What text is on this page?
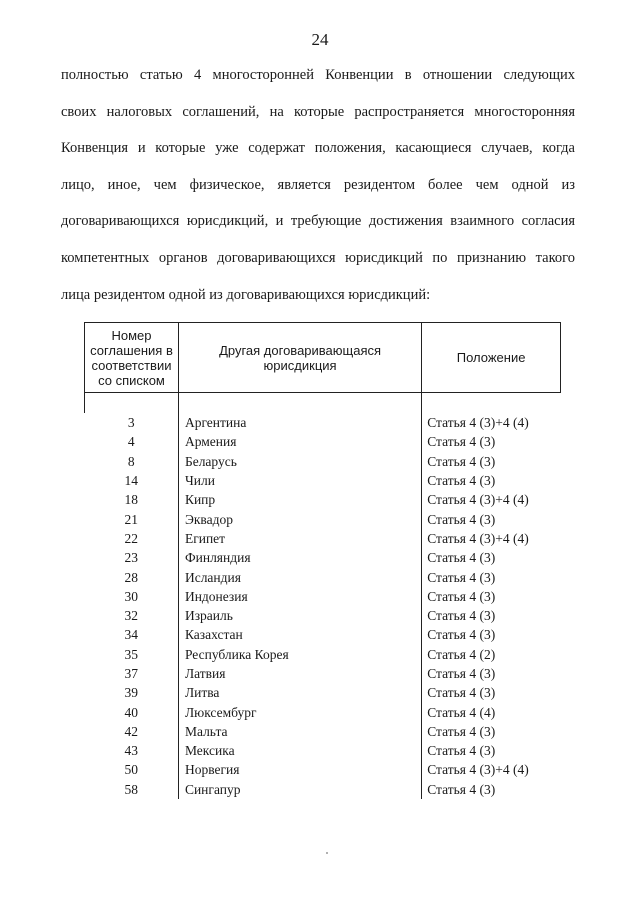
24
полностью статью 4 многосторонней Конвенции в отношении следующих
своих налоговых соглашений, на которые распространяется многосторонняя
Конвенция и которые уже содержат положения, касающиеся случаев, когда
лицо, иное, чем физическое, является резидентом более чем одной из
договаривающихся юрисдикций, и требующие достижения взаимного согласия
компетентных органов договаривающихся юрисдикций по признанию такого
лица резидентом одной из договаривающихся юрисдикций:
Номер соглашения в соответствии со списком	Другая договаривающаяся юрисдикция	Положение

3	Аргентина	Статья 4 (3)+4 (4)
4	Армения	Статья 4 (3)
8	Беларусь	Статья 4 (3)
14	Чили	Статья 4 (3)
18	Кипр	Статья 4 (3)+4 (4)
21	Эквадор	Статья 4 (3)
22	Египет	Статья 4 (3)+4 (4)
23	Финляндия	Статья 4 (3)
28	Исландия	Статья 4 (3)
30	Индонезия	Статья 4 (3)
32	Израиль	Статья 4 (3)
34	Казахстан	Статья 4 (3)
35	Республика Корея	Статья 4 (2)
37	Латвия	Статья 4 (3)
39	Литва	Статья 4 (3)
40	Люксембург	Статья 4 (4)
42	Мальта	Статья 4 (3)
43	Мексика	Статья 4 (3)
50	Норвегия	Статья 4 (3)+4 (4)
58	Сингапур	Статья 4 (3)
